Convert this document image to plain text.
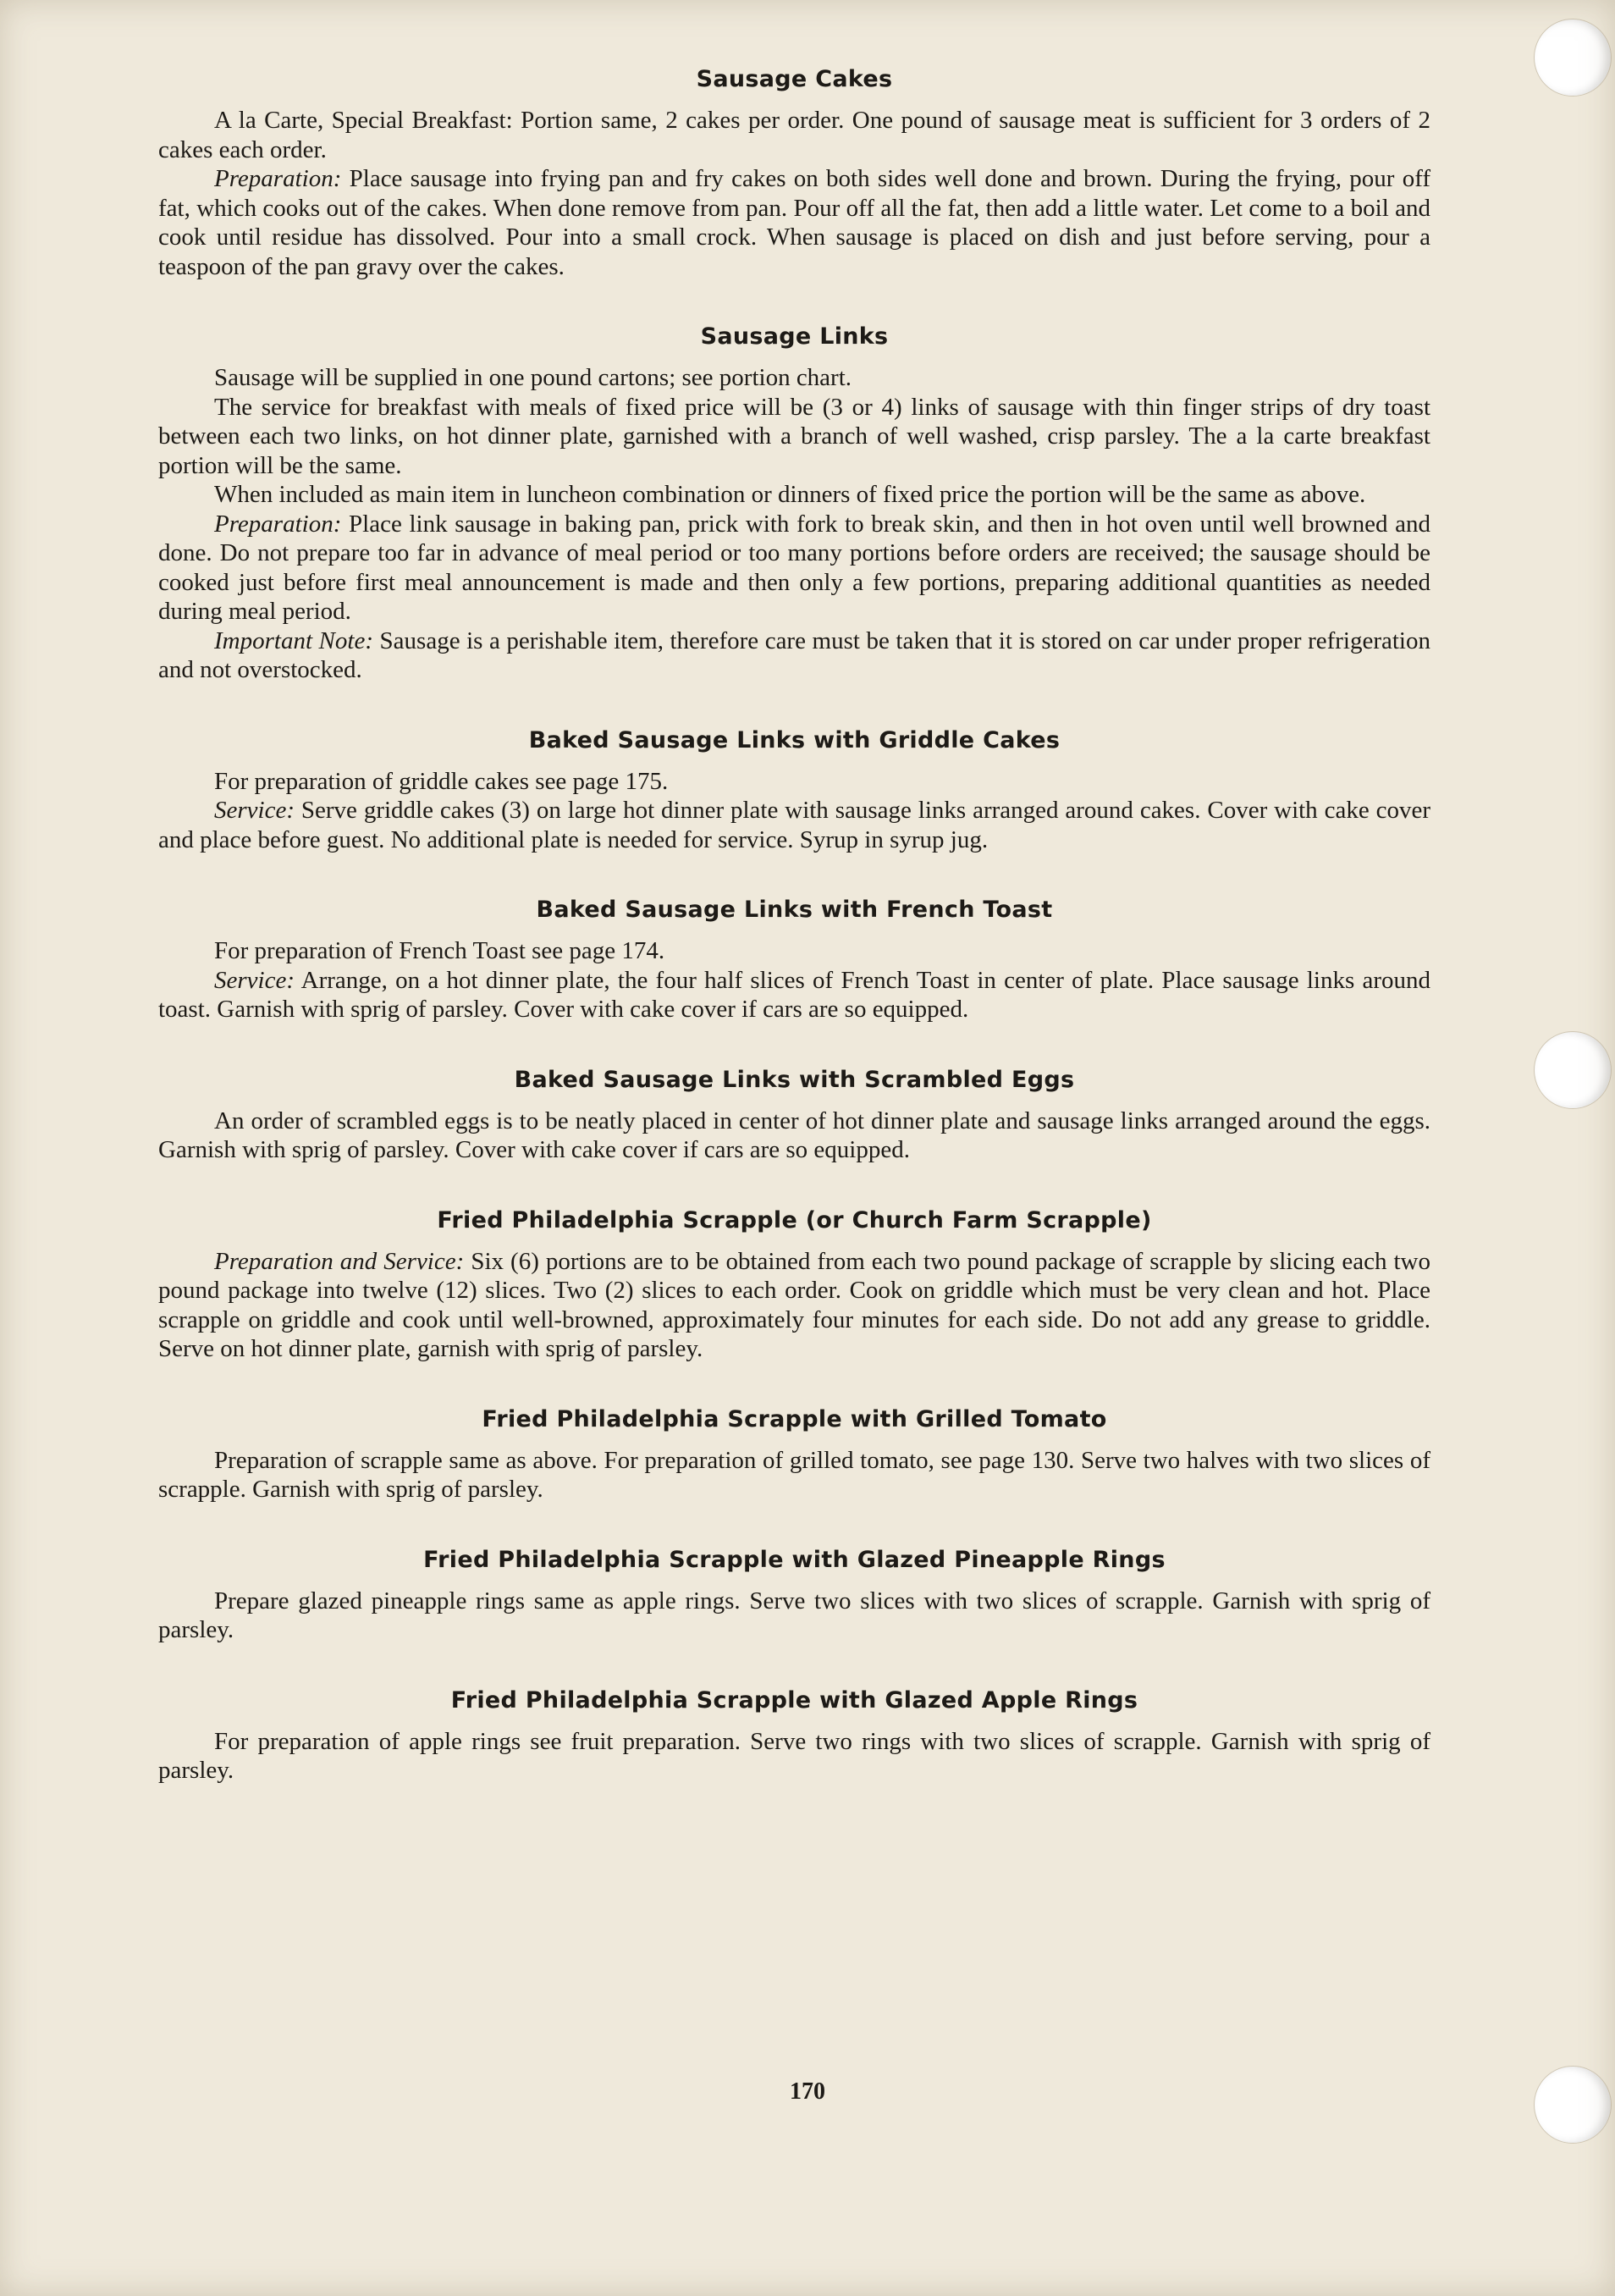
Sausage Cakes

A la Carte, Special Breakfast: Portion same, 2 cakes per order. One pound of sausage meat is sufficient for 3 orders of 2 cakes each order.

Preparation: Place sausage into frying pan and fry cakes on both sides well done and brown. During the frying, pour off fat, which cooks out of the cakes. When done remove from pan. Pour off all the fat, then add a little water. Let come to a boil and cook until residue has dissolved. Pour into a small crock. When sausage is placed on dish and just before serving, pour a teaspoon of the pan gravy over the cakes.

Sausage Links

Sausage will be supplied in one pound cartons; see portion chart.

The service for breakfast with meals of fixed price will be (3 or 4) links of sausage with thin finger strips of dry toast between each two links, on hot dinner plate, garnished with a branch of well washed, crisp parsley. The a la carte breakfast portion will be the same.

When included as main item in luncheon combination or dinners of fixed price the portion will be the same as above.

Preparation: Place link sausage in baking pan, prick with fork to break skin, and then in hot oven until well browned and done. Do not prepare too far in advance of meal period or too many portions before orders are received; the sausage should be cooked just before first meal announcement is made and then only a few portions, preparing additional quantities as needed during meal period.

Important Note: Sausage is a perishable item, therefore care must be taken that it is stored on car under proper refrigeration and not overstocked.

Baked Sausage Links with Griddle Cakes

For preparation of griddle cakes see page 175.

Service: Serve griddle cakes (3) on large hot dinner plate with sausage links arranged around cakes. Cover with cake cover and place before guest. No additional plate is needed for service. Syrup in syrup jug.

Baked Sausage Links with French Toast

For preparation of French Toast see page 174.

Service: Arrange, on a hot dinner plate, the four half slices of French Toast in center of plate. Place sausage links around toast. Garnish with sprig of parsley. Cover with cake cover if cars are so equipped.

Baked Sausage Links with Scrambled Eggs

An order of scrambled eggs is to be neatly placed in center of hot dinner plate and sausage links arranged around the eggs. Garnish with sprig of parsley. Cover with cake cover if cars are so equipped.

Fried Philadelphia Scrapple (or Church Farm Scrapple)

Preparation and Service: Six (6) portions are to be obtained from each two pound package of scrapple by slicing each two pound package into twelve (12) slices. Two (2) slices to each order. Cook on griddle which must be very clean and hot. Place scrapple on griddle and cook until well-browned, approximately four minutes for each side. Do not add any grease to griddle. Serve on hot dinner plate, garnish with sprig of parsley.

Fried Philadelphia Scrapple with Grilled Tomato

Preparation of scrapple same as above. For preparation of grilled tomato, see page 130. Serve two halves with two slices of scrapple. Garnish with sprig of parsley.

Fried Philadelphia Scrapple with Glazed Pineapple Rings

Prepare glazed pineapple rings same as apple rings. Serve two slices with two slices of scrapple. Garnish with sprig of parsley.

Fried Philadelphia Scrapple with Glazed Apple Rings

For preparation of apple rings see fruit preparation. Serve two rings with two slices of scrapple. Garnish with sprig of parsley.

170
